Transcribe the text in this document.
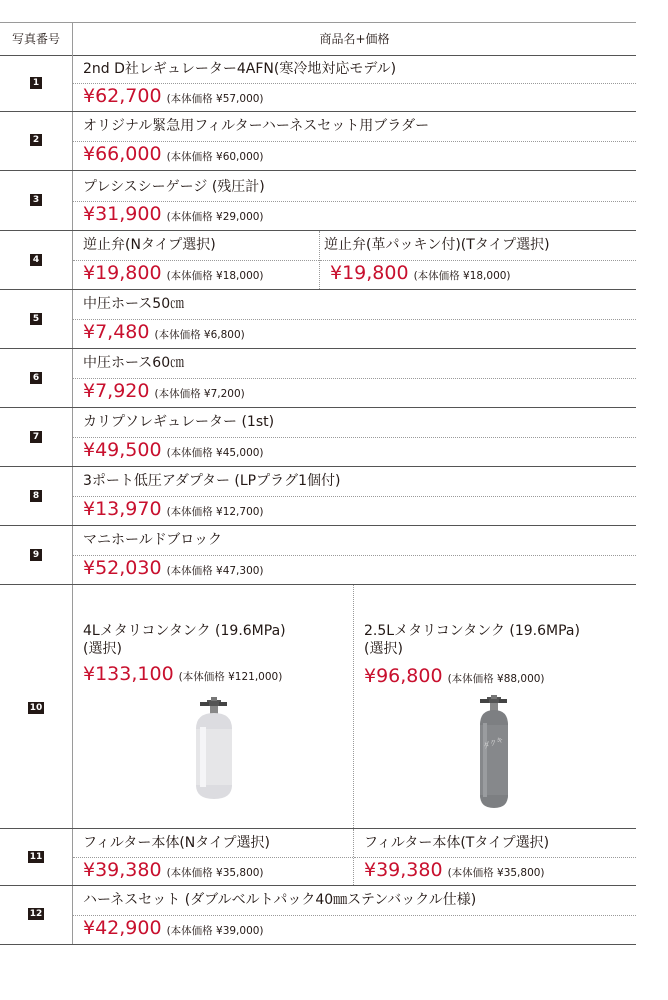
写真番号	商品名+価格
1
2nd D社レギュレーター4AFN(寒冷地対応モデル)
¥62,700 (本体価格 ¥57,000)
2
オリジナル緊急用フィルターハーネスセット用ブラダー
¥66,000 (本体価格 ¥60,000)
3
プレシスシーゲージ (残圧計)
¥31,900 (本体価格 ¥29,000)
4
逆止弁(Nタイプ選択)
¥19,800 (本体価格 ¥18,000)
逆止弁(革パッキン付)(Tタイプ選択)
¥19,800 (本体価格 ¥18,000)
5
中圧ホース50㎝
¥7,480 (本体価格 ¥6,800)
6
中圧ホース60㎝
¥7,920 (本体価格 ¥7,200)
7
カリプソレギュレーター (1st)
¥49,500 (本体価格 ¥45,000)
8
3ポート低圧アダプター (LPプラグ1個付)
¥13,970 (本体価格 ¥12,700)
9
マニホールドブロック
¥52,030 (本体価格 ¥47,300)
10
4Lメタリコンタンク (19.6MPa)
(選択)
¥133,100 (本体価格 ¥121,000)
2.5Lメタリコンタンク (19.6MPa)
(選択)
¥96,800 (本体価格 ¥88,000)
ダクキ
11
フィルター本体(Nタイプ選択)
¥39,380 (本体価格 ¥35,800)
フィルター本体(Tタイプ選択)
¥39,380 (本体価格 ¥35,800)
12
ハーネスセット (ダブルベルトパック40㎜ステンバックル仕様)
¥42,900 (本体価格 ¥39,000)
